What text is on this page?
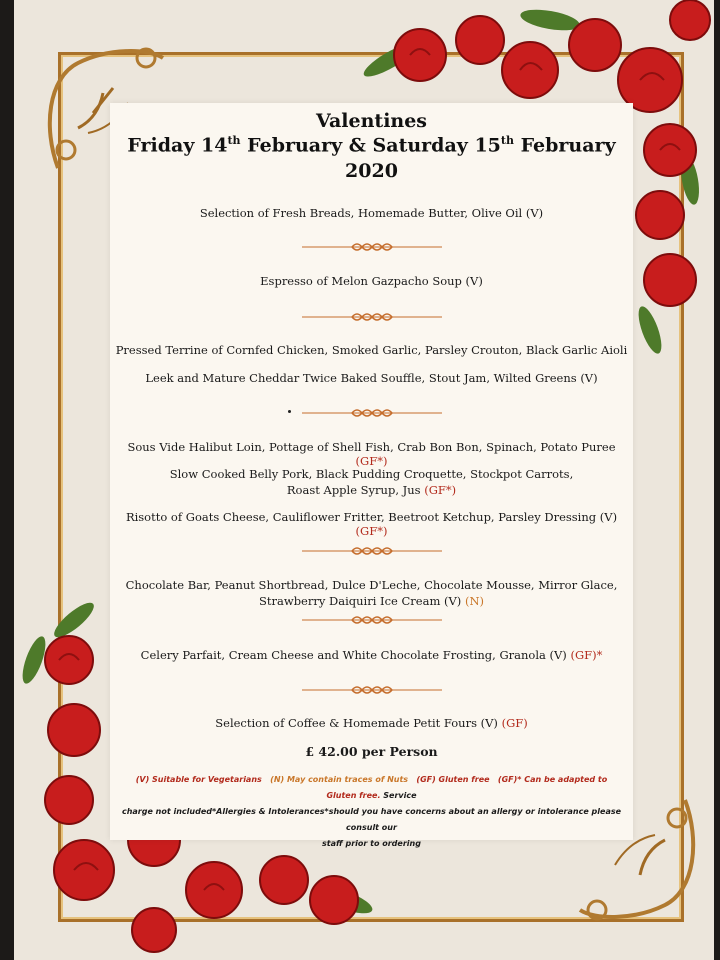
Valentines
Friday 14th February & Saturday 15th February
2020
Selection of Fresh Breads, Homemade Butter, Olive Oil (V)
Espresso of Melon Gazpacho Soup (V)
Pressed Terrine of Cornfed Chicken, Smoked Garlic, Parsley Crouton, Black Garlic Aioli
Leek and Mature Cheddar Twice Baked Souffle, Stout Jam, Wilted Greens (V)
Sous Vide Halibut Loin, Pottage of Shell Fish, Crab Bon Bon, Spinach, Potato Puree (GF*)
Slow Cooked Belly Pork, Black Pudding Croquette, Stockpot Carrots,
Roast Apple Syrup, Jus (GF*)
Risotto of Goats Cheese, Cauliflower Fritter, Beetroot Ketchup, Parsley Dressing (V) (GF*)
Chocolate Bar, Peanut Shortbread, Dulce D'Leche, Chocolate Mousse, Mirror Glace,
Strawberry Daiquiri Ice Cream (V) (N)
Celery Parfait, Cream Cheese and White Chocolate Frosting, Granola (V) (GF)*
Selection of Coffee & Homemade Petit Fours (V) (GF)
£ 42.00 per Person
(V) Suitable for Vegetarians (N) May contain traces of Nuts (GF) Gluten free (GF)* Can be adapted to Gluten free. Service
charge not included*Allergies & Intolerances*should you have concerns about an allergy or intolerance please consult our
staff prior to ordering
